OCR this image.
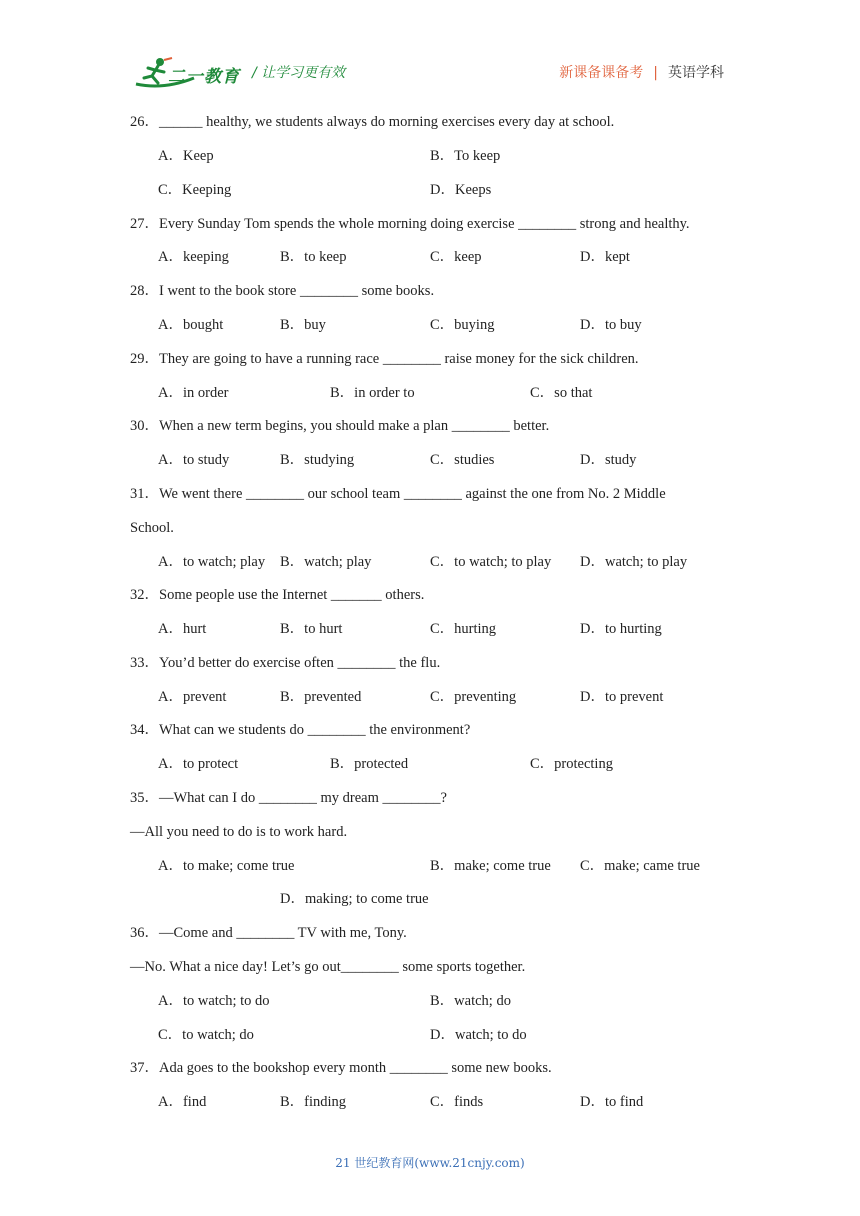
二一教育 / 让学习更有效	新课备课备考 | 英语学科
26．______ healthy, we students always do morning exercises every day at school.
A．Keep	B．To keep
C．Keeping	D．Keeps
27．Every Sunday Tom spends the whole morning doing exercise ________ strong and healthy.
A．keeping	B．to keep	C．keep	D．kept
28．I went to the book store ________ some books.
A．bought	B．buy	C．buying	D．to buy
29．They are going to have a running race ________ raise money for the sick children.
A．in order	B．in order to	C．so that
30．When a new term begins, you should make a plan ________ better.
A．to study	B．studying	C．studies	D．study
31．We went there ________ our school team ________ against the one from No. 2 Middle
School.
A．to watch; play B．watch; play	C．to watch; to play D．watch; to play
32．Some people use the Internet _______ others.
A．hurt	B．to hurt	C．hurting	D．to hurting
33．You’d better do exercise often ________ the flu.
A．prevent	B．prevented	C．preventing	D．to prevent
34．What can we students do ________ the environment?
A．to protect	B．protected	C．protecting
35．—What can I do ________ my dream ________?
—All you need to do is to work hard.
A．to make; come true	B．make; come true C．make; came true
D．making; to come true
36．—Come and ________ TV with me, Tony.
—No. What a nice day! Let’s go out________ some sports together.
A．to watch; to do	B．watch; do
C．to watch; do	D．watch; to do
37．Ada goes to the bookshop every month ________ some new books.
A．find	B．finding	C．finds	D．to find
21 世纪教育网(www.21cnjy.com)
